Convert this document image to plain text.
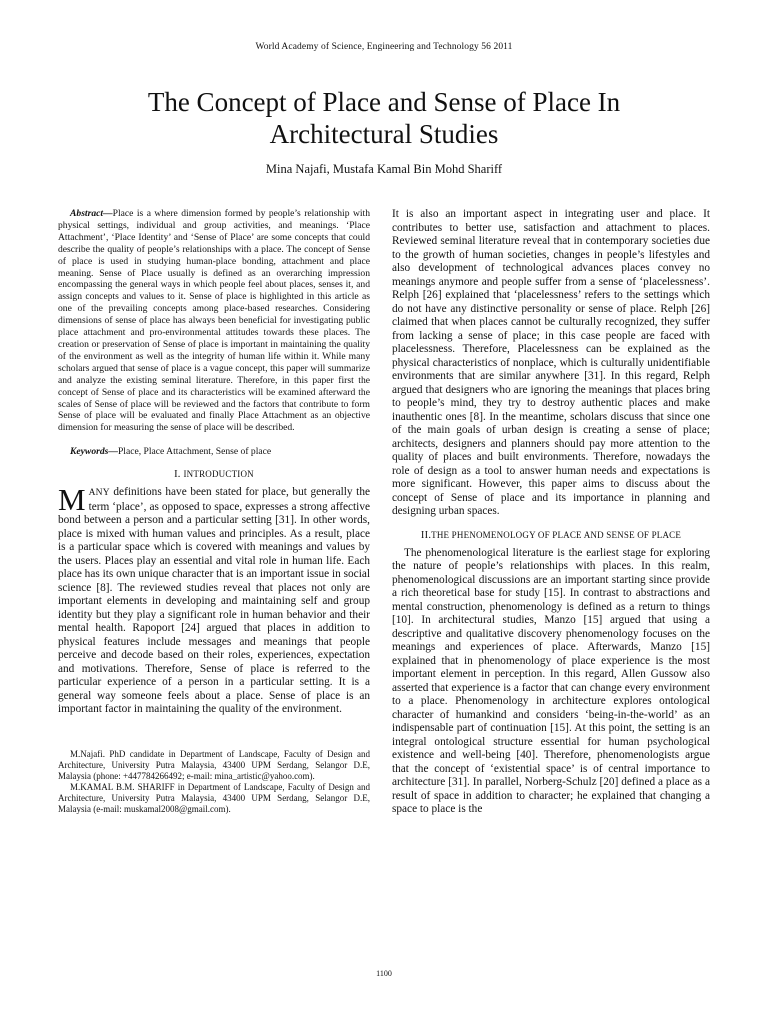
World Academy of Science, Engineering and Technology 56 2011
The Concept of Place and Sense of Place In
Architectural Studies
Mina Najafi, Mustafa Kamal Bin Mohd Shariff

Abstract—Place is a where dimension formed by people’s relationship with physical settings, individual and group activities, and meanings. ‘Place Attachment’, ‘Place Identity’ and ‘Sense of Place’ are some concepts that could describe the quality of people’s relationships with a place. The concept of Sense of place is used in studying human-place bonding, attachment and place meaning. Sense of Place usually is defined as an overarching impression encompassing the general ways in which people feel about places, senses it, and assign concepts and values to it. Sense of place is highlighted in this article as one of the prevailing concepts among place-based researches. Considering dimensions of sense of place has always been beneficial for investigating public place attachment and pro-environmental attitudes towards these places. The creation or preservation of Sense of place is important in maintaining the quality of the environment as well as the integrity of human life within it. While many scholars argued that sense of place is a vague concept, this paper will summarize and analyze the existing seminal literature. Therefore, in this paper first the concept of Sense of place and its characteristics will be examined afterward the scales of Sense of place will be reviewed and the factors that contribute to form Sense of place will be evaluated and finally Place Attachment as an objective dimension for measuring the sense of place will be described.

Keywords—Place, Place Attachment, Sense of place

I. INTRODUCTION

MANY definitions have been stated for place, but generally the term ‘place’, as opposed to space, expresses a strong affective bond between a person and a particular setting [31]. In other words, place is mixed with human values and principles. As a result, place is a particular space which is covered with meanings and values by the users. Places play an essential and vital role in human life. Each place has its own unique character that is an important issue in social science [8]. The reviewed studies reveal that places not only are important elements in developing and maintaining self and group identity but they play a significant role in human behavior and their mental health. Rapoport [24] argued that places in addition to physical features include messages and meanings that people perceive and decode based on their roles, experiences, expectation and motivations. Therefore, Sense of place is referred to the particular experience of a person in a particular setting. It is a general way someone feels about a place. Sense of place is an important factor in maintaining the quality of the environment.

M.Najafi. PhD candidate in Department of Landscape, Faculty of Design and Architecture, University Putra Malaysia, 43400 UPM Serdang, Selangor D.E, Malaysia (phone: +447784266492; e-mail: mina_artistic@yahoo.com).

M.KAMAL B.M. SHARIFF in Department of Landscape, Faculty of Design and Architecture, University Putra Malaysia, 43400 UPM Serdang, Selangor D.E, Malaysia (e-mail: muskamal2008@gmail.com).

It is also an important aspect in integrating user and place. It contributes to better use, satisfaction and attachment to places. Reviewed seminal literature reveal that in contemporary societies due to the growth of human societies, changes in people’s lifestyles and also development of technological advances places convey no meanings anymore and people suffer from a sense of ‘placelessness’. Relph [26] explained that ‘placelessness’ refers to the settings which do not have any distinctive personality or sense of place. Relph [26] claimed that when places cannot be culturally recognized, they suffer from lacking a sense of place; in this case people are faced with placelessness. Therefore, Placelessness can be explained as the physical characteristics of nonplace, which is culturally unidentifiable environments that are similar anywhere [31]. In this regard, Relph argued that designers who are ignoring the meanings that places bring to people’s mind, they try to destroy authentic places and make inauthentic ones [8]. In the meantime, scholars discuss that since one of the main goals of urban design is creating a sense of place; architects, designers and planners should pay more attention to the quality of places and built environments. Therefore, nowadays the role of design as a tool to answer human needs and expectations is more significant. However, this paper aims to discuss about the concept of Sense of place and its importance in planning and designing urban spaces.

II.THE PHENOMENOLOGY OF PLACE AND SENSE OF PLACE

The phenomenological literature is the earliest stage for exploring the nature of people’s relationships with places. In this realm, phenomenological discussions are an important starting since provide a rich theoretical base for study [15]. In contrast to abstractions and mental construction, phenomenology is defined as a return to things [10]. In architectural studies, Manzo [15] argued that using a descriptive and qualitative discovery phenomenology focuses on the meanings and experiences of place. Afterwards, Manzo [15] explained that in phenomenology of place experience is the most important element in perception. In this regard, Allen Gussow also asserted that experience is a factor that can change every environment to a place. Phenomenology in architecture explores ontological character of humankind and considers ‘being-in-the-world’ as an indispensable part of continuation [15]. At this point, the setting is an integral ontological structure essential for human psychological existence and well-being [40]. Therefore, phenomenologists argue that the concept of ‘existential space’ is of central importance to architecture [31]. In parallel, Norberg-Schulz [20] defined a place as a result of space in addition to character; he explained that changing a space to place is the

1100
